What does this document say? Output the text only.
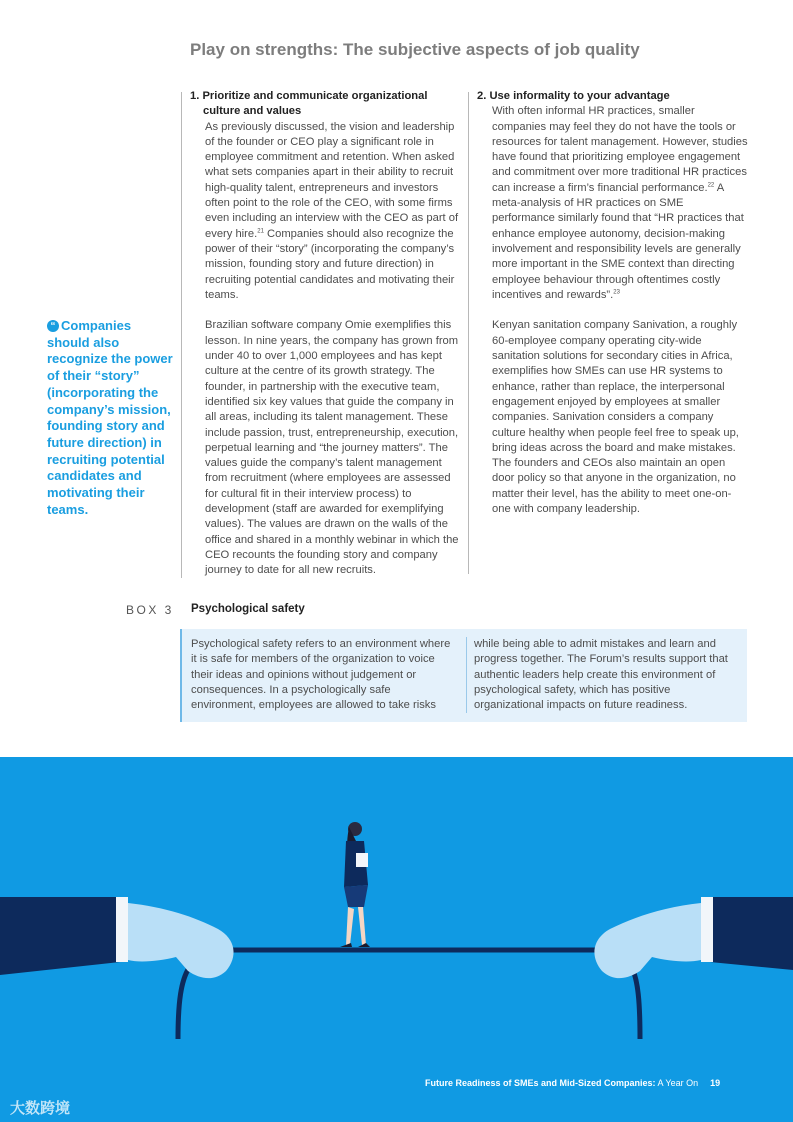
Play on strengths: The subjective aspects of job quality
1. Prioritize and communicate organizational
culture and values

As previously discussed, the vision and leadership of the founder or CEO play a significant role in employee commitment and retention. When asked what sets companies apart in their ability to recruit high-quality talent, entrepreneurs and investors often point to the role of the CEO, with some firms even including an interview with the CEO as part of every hire.$^{21}$ Companies should also recognize the power of their “story” (incorporating the company’s mission, founding story and future direction) in recruiting potential candidates and motivating their teams.

Brazilian software company Omie exemplifies this lesson. In nine years, the company has grown from under 40 to over 1,000 employees and has kept culture at the centre of its growth strategy. The founder, in partnership with the executive team, identified six key values that guide the company in all areas, including its talent management. These include passion, trust, entrepreneurship, execution, perpetual learning and “the journey matters”. The values guide the company’s talent management from recruitment (where employees are assessed for cultural fit in their interview process) to development (staff are awarded for exemplifying values). The values are drawn on the walls of the office and shared in a monthly webinar in which the CEO recounts the founding story and company journey to date for all new recruits.

2. Use informality to your advantage

With often informal HR practices, smaller companies may feel they do not have the tools or resources for talent management. However, studies have found that prioritizing employee engagement and commitment over more traditional HR practices can increase a firm’s financial performance.$^{22}$ A meta-analysis of HR practices on SME performance similarly found that “HR practices that enhance employee autonomy, decision-making involvement and responsibility levels are generally more important in the SME context than directing employee behaviour through oftentimes costly incentives and rewards”.$^{23}$

Kenyan sanitation company Sanivation, a roughly 60-employee company operating city-wide sanitation solutions for secondary cities in Africa, exemplifies how SMEs can use HR systems to enhance, rather than replace, the interpersonal engagement enjoyed by employees at smaller companies. Sanivation considers a company culture healthy when people feel free to speak up, bring ideas across the board and make mistakes. The founders and CEOs also maintain an open door policy so that anyone in the organization, no matter their level, has the ability to meet one-on-one with company leadership.

“ Companies should also recognize the power of their “story” (incorporating the company’s mission, founding story and future direction) in recruiting potential candidates and motivating their teams.
BOX 3 Psychological safety
Psychological safety refers to an environment where it is safe for members of the organization to voice their ideas and opinions without judgement or consequences. In a psychologically safe environment, employees are allowed to take risks
while being able to admit mistakes and learn and progress together. The Forum’s results support that authentic leaders help create this environment of psychological safety, which has positive organizational impacts on future readiness.
Future Readiness of SMEs and Mid-Sized Companies: A Year On 19
大数跨境
